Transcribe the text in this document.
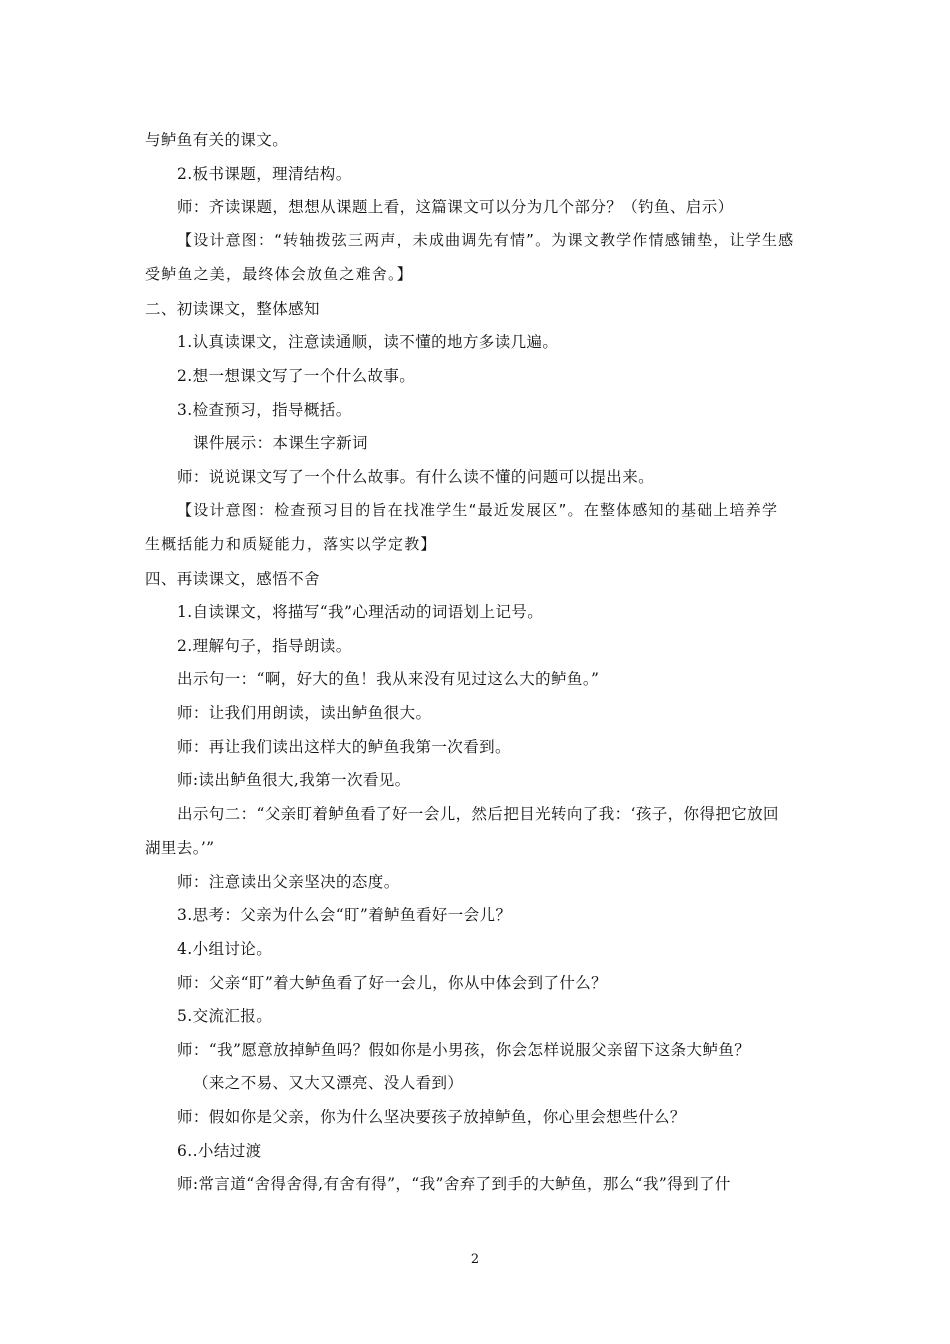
与鲈鱼有关的课文。
2.板书课题，理清结构。
师：齐读课题，想想从课题上看，这篇课文可以分为几个部分？（钓鱼、启示）
【设计意图：“转轴拨弦三两声，未成曲调先有情”。为课文教学作情感铺垫，让学生感
受鲈鱼之美，最终体会放鱼之难舍。】
二、初读课文，整体感知
1.认真读课文，注意读通顺，读不懂的地方多读几遍。
2.想一想课文写了一个什么故事。
3.检查预习，指导概括。
课件展示：本课生字新词
师：说说课文写了一个什么故事。有什么读不懂的问题可以提出来。
【设计意图：检查预习目的旨在找准学生“最近发展区”。在整体感知的基础上培养学
生概括能力和质疑能力，落实以学定教】
四、再读课文，感悟不舍
1.自读课文，将描写“我”心理活动的词语划上记号。
2.理解句子，指导朗读。
出示句一：“啊，好大的鱼！我从来没有见过这么大的鲈鱼。”
师：让我们用朗读，读出鲈鱼很大。
师：再让我们读出这样大的鲈鱼我第一次看到。
师:读出鲈鱼很大,我第一次看见。
出示句二：“父亲盯着鲈鱼看了好一会儿，然后把目光转向了我：‘孩子，你得把它放回
湖里去。’”
师：注意读出父亲坚决的态度。
3.思考：父亲为什么会“盯”着鲈鱼看好一会儿？
4.小组讨论。
师：父亲“盯”着大鲈鱼看了好一会儿，你从中体会到了什么？
5.交流汇报。
师：“我”愿意放掉鲈鱼吗？假如你是小男孩，你会怎样说服父亲留下这条大鲈鱼？
（来之不易、又大又漂亮、没人看到）
师：假如你是父亲，你为什么坚决要孩子放掉鲈鱼，你心里会想些什么？
6..小结过渡
师:常言道“舍得舍得,有舍有得”，“我”舍弃了到手的大鲈鱼，那么“我”得到了什
2
